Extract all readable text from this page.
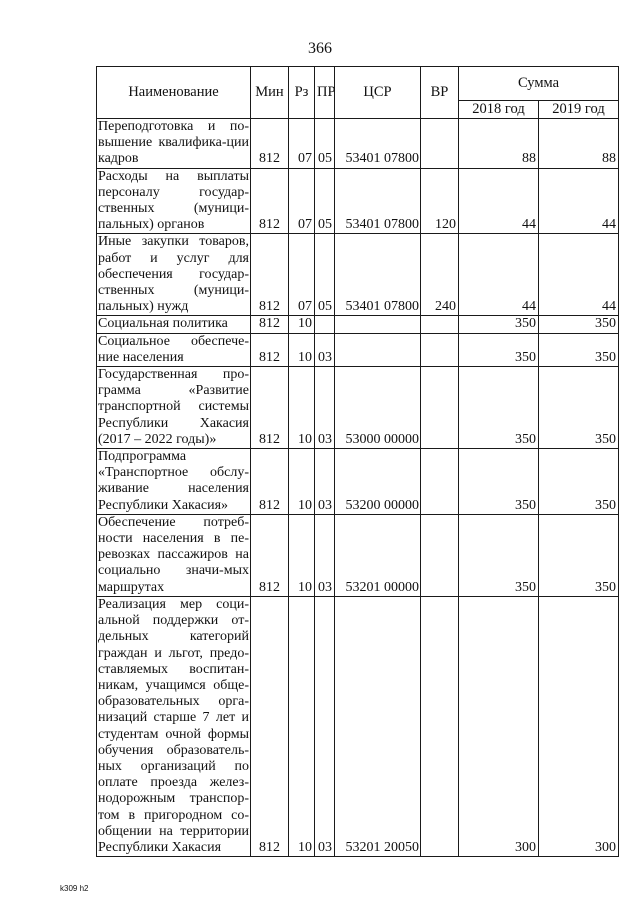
366
Наименование	Мин	Рз	ПР	ЦСР	ВР	Сумма	
						2018 год	2019 год
Переподготовка и по-вышение квалифика-ции кадров	812	07	05	53401 07800		88	88
Расходы на выплаты персоналу государ-ственных (муници-пальных) органов	812	07	05	53401 07800	120	44	44
Иные закупки товаров, работ и услуг для обеспечения государ-ственных (муници-пальных) нужд	812	07	05	53401 07800	240	44	44
Социальная политика	812	10				350	350
Социальное обеспече-ние населения	812	10	03			350	350
Государственная про-грамма «Развитие транспортной системы Республики Хакасия (2017 – 2022 годы)»	812	10	03	53000 00000		350	350
Подпрограмма «Транспортное обслу-живание населения Республики Хакасия»	812	10	03	53200 00000		350	350
Обеспечение потреб-ности населения в пе-ревозках пассажиров на социально значи-мых маршрутах	812	10	03	53201 00000		350	350
Реализация мер соци-альной поддержки от-дельных категорий граждан и льгот, предо-ставляемых воспитан-никам, учащимся обще-образовательных орга-низаций старше 7 лет и студентам очной формы обучения образователь-ных организаций по оплате проезда желез-нодорожным транспор-том в пригородном со-общении на территории Республики Хакасия	812	10	03	53201 20050		300	300
k309 h2
